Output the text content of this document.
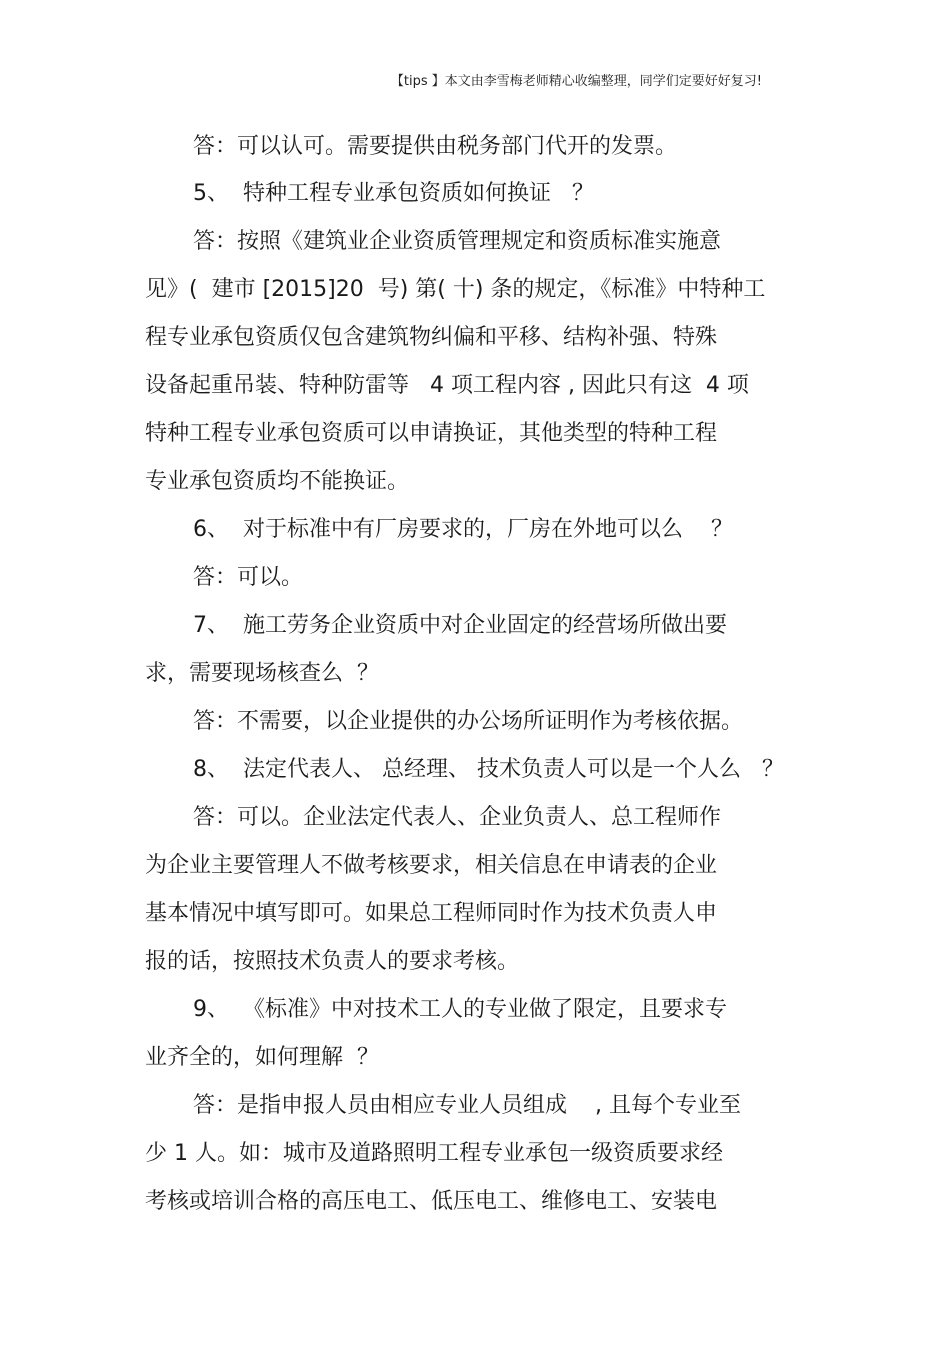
【tips 】本文由李雪梅老师精心收编整理，同学们定要好好复习!
答：可以认可。需要提供由税务部门代开的发票。
5、  特种工程专业承包资质如何换证   ？
答：按照《建筑业企业资质管理规定和资质标准实施意
见》(  建市 [2015]20  号) 第( 十) 条的规定，《标准》中特种工
程专业承包资质仅包含建筑物纠偏和平移、结构补强、特殊
设备起重吊装、特种防雷等   4 项工程内容 , 因此只有这  4 项
特种工程专业承包资质可以申请换证，其他类型的特种工程
专业承包资质均不能换证。
6、  对于标准中有厂房要求的，厂房在外地可以么    ？
答：可以。
7、  施工劳务企业资质中对企业固定的经营场所做出要
求，需要现场核查么  ？
答：不需要，以企业提供的办公场所证明作为考核依据。
8、  法定代表人、 总经理、 技术负责人可以是一个人么   ？
答：可以。企业法定代表人、企业负责人、总工程师作
为企业主要管理人不做考核要求，相关信息在申请表的企业
基本情况中填写即可。如果总工程师同时作为技术负责人申
报的话，按照技术负责人的要求考核。
9、  《标准》中对技术工人的专业做了限定，且要求专
业齐全的，如何理解  ？
答：是指申报人员由相应专业人员组成    , 且每个专业至
少 1 人。如：城市及道路照明工程专业承包一级资质要求经
考核或培训合格的高压电工、低压电工、维修电工、安装电
